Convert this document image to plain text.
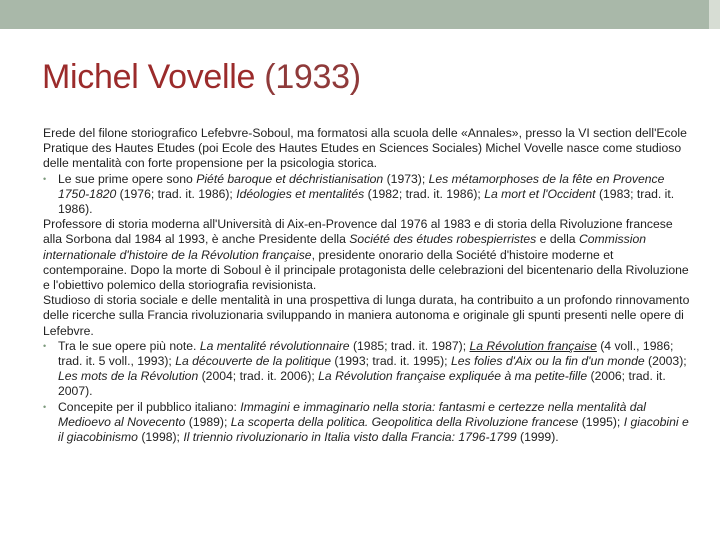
Michel Vovelle (1933)

Erede del filone storiografico Lefebvre-Soboul, ma formatosi alla scuola delle «Annales», presso la VI section dell'Ecole Pratique des Hautes Etudes (poi Ecole des Hautes Etudes en Sciences Sociales) Michel Vovelle nasce come studioso delle mentalità con forte propensione per la psicologia storica.

• Le sue prime opere sono Piété baroque et déchristianisation (1973); Les métamorphoses de la fête en Provence 1750-1820 (1976; trad. it. 1986); Idéologies et mentalités (1982; trad. it. 1986); La mort et l'Occident (1983; trad. it. 1986).

Professore di storia moderna all'Università di Aix-en-Provence dal 1976 al 1983 e di storia della Rivoluzione francese alla Sorbona dal 1984 al 1993, è anche Presidente della Société des études robespierristes e della Commission internationale d'histoire de la Révolution française, presidente onorario della Société d'histoire moderne et contemporaine. Dopo la morte di Soboul è il principale protagonista delle celebrazioni del bicentenario della Rivoluzione e l'obiettivo polemico della storiografia revisionista.

Studioso di storia sociale e delle mentalità in una prospettiva di lunga durata, ha contribuito a un profondo rinnovamento delle ricerche sulla Francia rivoluzionaria sviluppando in maniera autonoma e originale gli spunti presenti nelle opere di Lefebvre.

• Tra le sue opere più note. La mentalité révolutionnaire (1985; trad. it. 1987); La Révolution française (4 voll., 1986; trad. it. 5 voll., 1993); La découverte de la politique (1993; trad. it. 1995); Les folies d'Aix ou la fin d'un monde (2003); Les mots de la Révolution (2004; trad. it. 2006); La Révolution française expliquée à ma petite-fille (2006; trad. it. 2007).

• Concepite per il pubblico italiano: Immagini e immaginario nella storia: fantasmi e certezze nella mentalità dal Medioevo al Novecento (1989); La scoperta della politica. Geopolitica della Rivoluzione francese (1995); I giacobini e il giacobinismo (1998); Il triennio rivoluzionario in Italia visto dalla Francia: 1796-1799 (1999).
